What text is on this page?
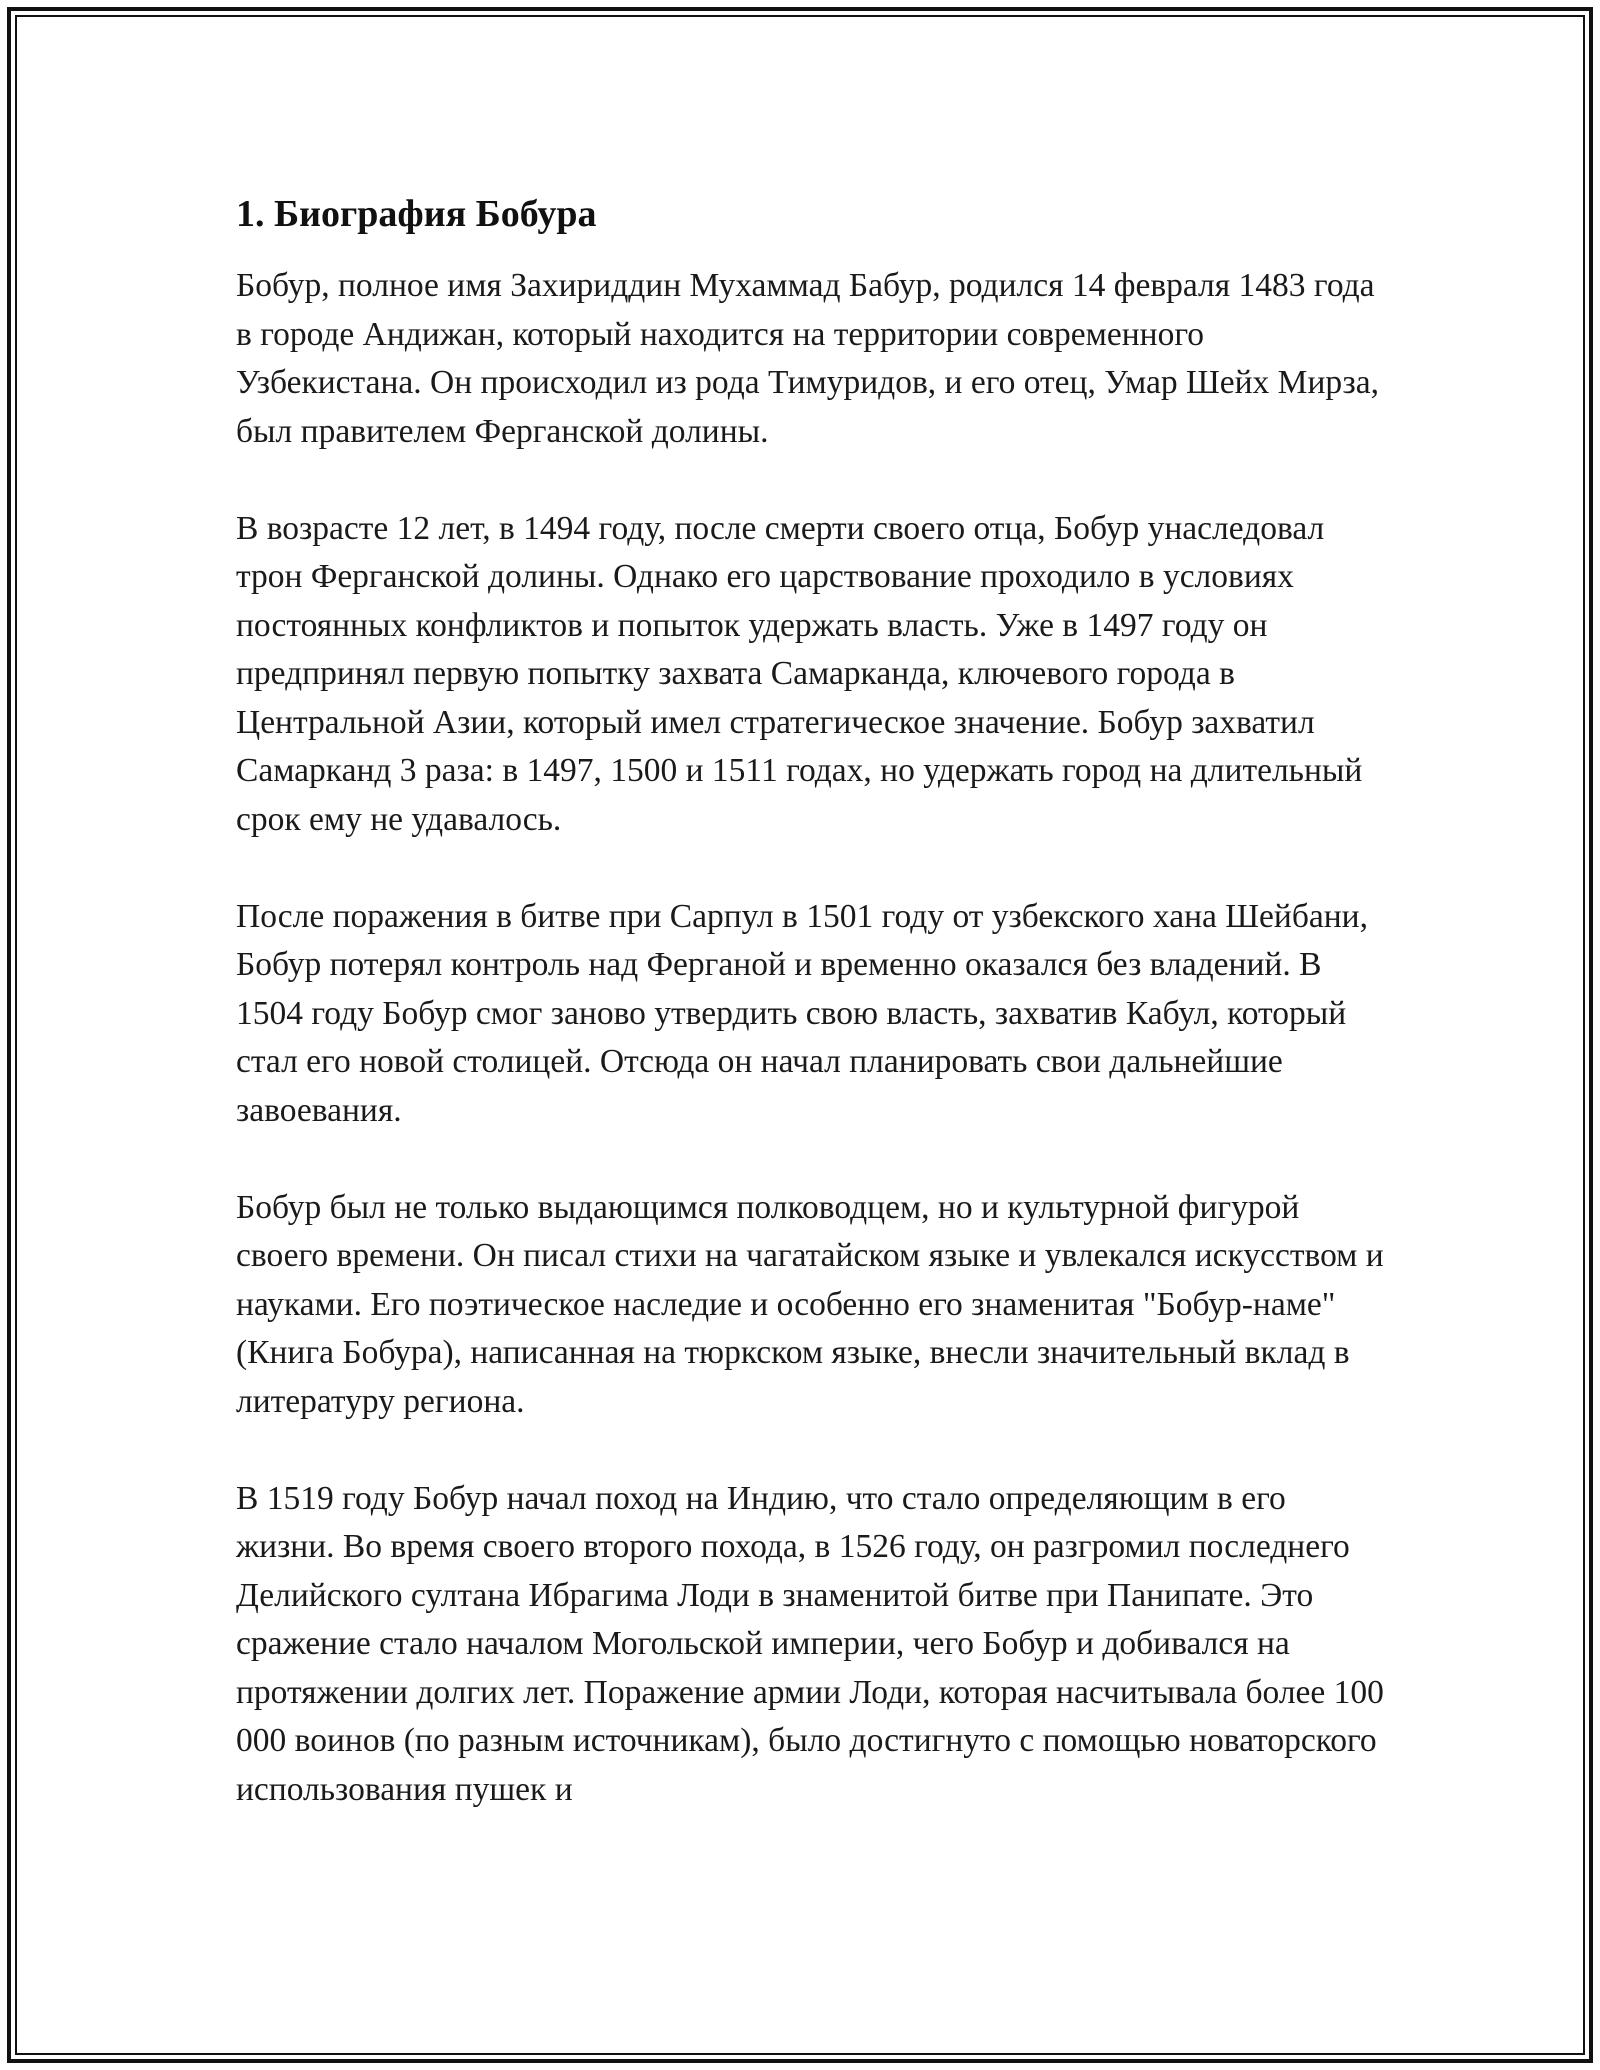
1. Биография Бобура

Бобур, полное имя Захириддин Мухаммад Бабур, родился 14 февраля 1483 года в городе Андижан, который находится на территории современного Узбекистана. Он происходил из рода Тимуридов, и его отец, Умар Шейх Мирза, был правителем Ферганской долины.

В возрасте 12 лет, в 1494 году, после смерти своего отца, Бобур унаследовал трон Ферганской долины. Однако его царствование проходило в условиях постоянных конфликтов и попыток удержать власть. Уже в 1497 году он предпринял первую попытку захвата Самарканда, ключевого города в Центральной Азии, который имел стратегическое значение. Бобур захватил Самарканд 3 раза: в 1497, 1500 и 1511 годах, но удержать город на длительный срок ему не удавалось.

После поражения в битве при Сарпул в 1501 году от узбекского хана Шейбани, Бобур потерял контроль над Ферганой и временно оказался без владений. В 1504 году Бобур смог заново утвердить свою власть, захватив Кабул, который стал его новой столицей. Отсюда он начал планировать свои дальнейшие завоевания.

Бобур был не только выдающимся полководцем, но и культурной фигурой своего времени. Он писал стихи на чагатайском языке и увлекался искусством и науками. Его поэтическое наследие и особенно его знаменитая "Бобур-наме" (Книга Бобура), написанная на тюркском языке, внесли значительный вклад в литературу региона.

В 1519 году Бобур начал поход на Индию, что стало определяющим в его жизни. Во время своего второго похода, в 1526 году, он разгромил последнего Делийского султана Ибрагима Лоди в знаменитой битве при Панипате. Это сражение стало началом Могольской империи, чего Бобур и добивался на протяжении долгих лет. Поражение армии Лоди, которая насчитывала более 100 000 воинов (по разным источникам), было достигнуто с помощью новаторского использования пушек и
